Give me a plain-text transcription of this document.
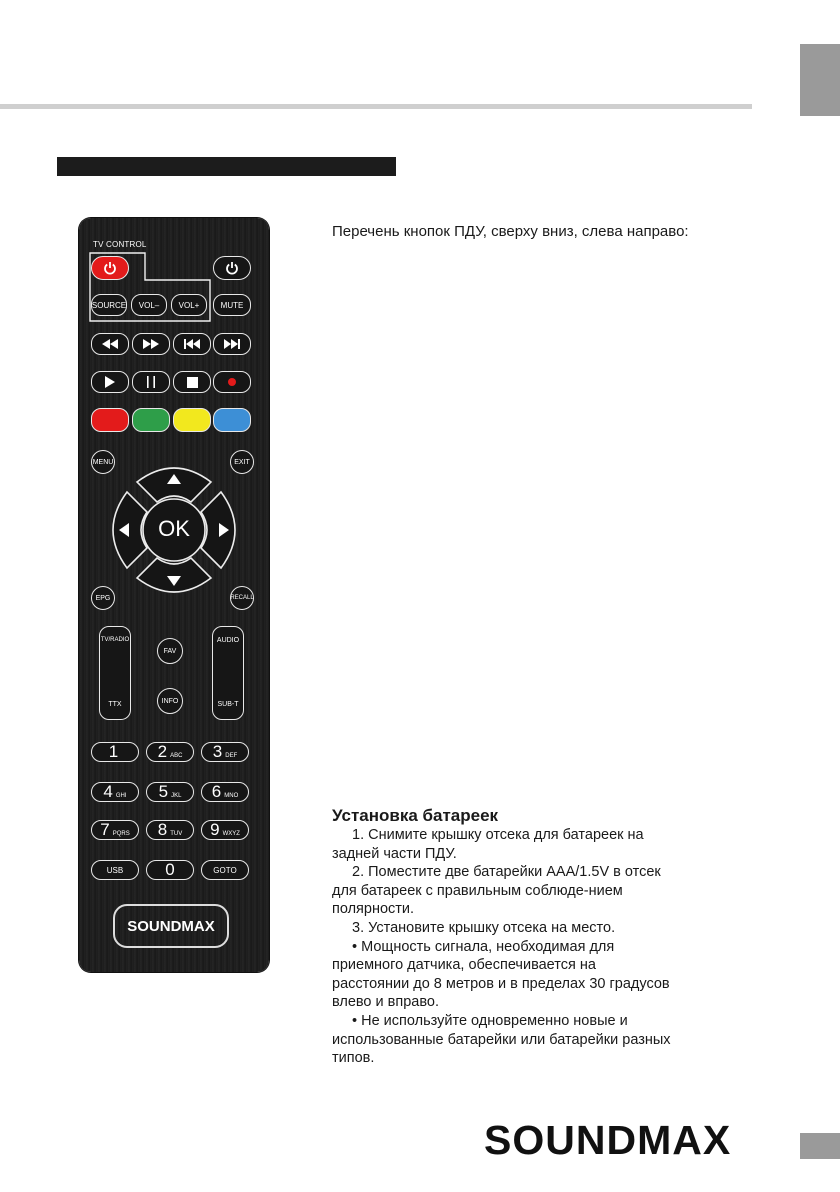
TV CONTROL
SOURCE	VOL–	VOL+	MUTE
MENU	EXIT
OK
EPG	RECALL
TV/RADIO
TTX
FAV
INFO
AUDIO
SUB-T
1 2 ABC 3 DEF
4 GHI 5 JKL 6 MNO
7 PQRS 8 TUV 9 WXYZ
USB	0	GOTO
SOUNDMAX
Перечень кнопок ПДУ, сверху вниз, слева направо:
Установка батареек
1. Снимите крышку отсека для батареек на задней части ПДУ.
2. Поместите две батарейки AAA/1.5V в отсек для батареек с правильным соблюде-нием полярности.
3. Установите крышку отсека на место.
• Мощность сигнала, необходимая для приемного датчика, обеспечивается на расстоянии до 8 метров и в пределах 30 градусов влево и вправо.
• Не используйте одновременно новые и использованные батарейки или батарейки разных типов.
SOUNDMAX
